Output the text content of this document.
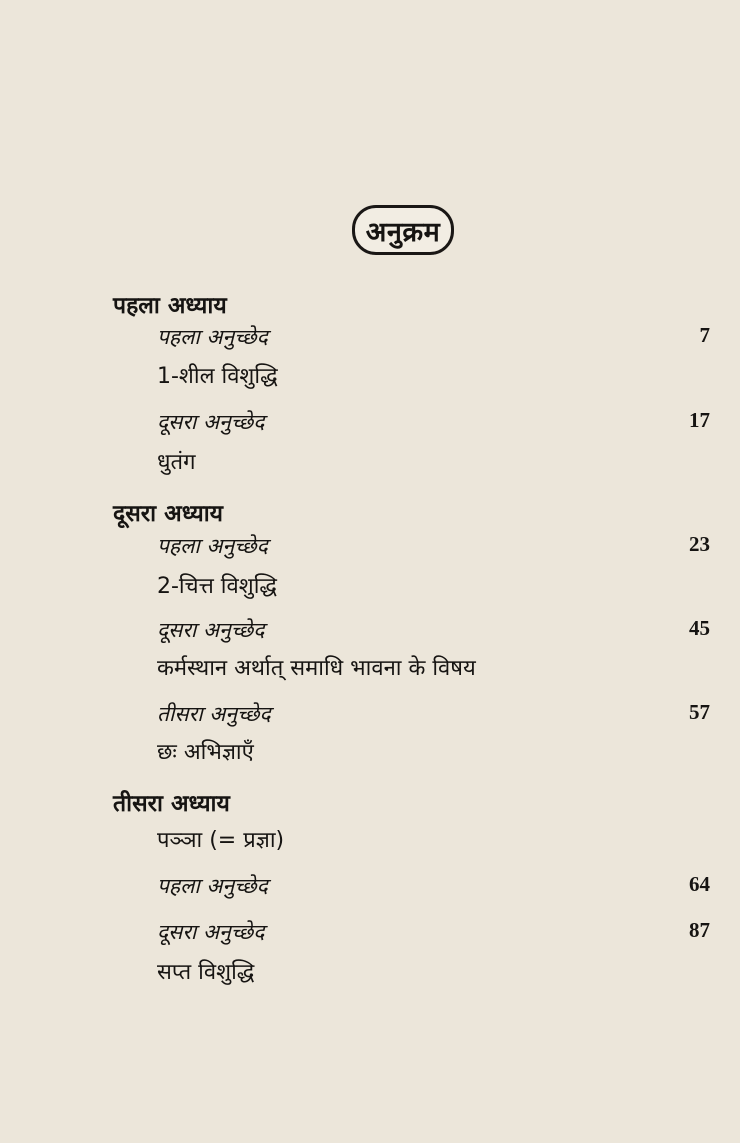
अनुक्रम
पहला अध्याय
पहला अनुच्छेद	7
1-शील विशुद्धि
दूसरा अनुच्छेद	17
धुतंग
दूसरा अध्याय
पहला अनुच्छेद	23
2-चित्त विशुद्धि
दूसरा अनुच्छेद	45
कर्मस्थान अर्थात् समाधि भावना के विषय
तीसरा अनुच्छेद	57
छः अभिज्ञाएँ
तीसरा अध्याय
पञ्ञा (= प्रज्ञा)
पहला अनुच्छेद	64
दूसरा अनुच्छेद	87
सप्त विशुद्धि
